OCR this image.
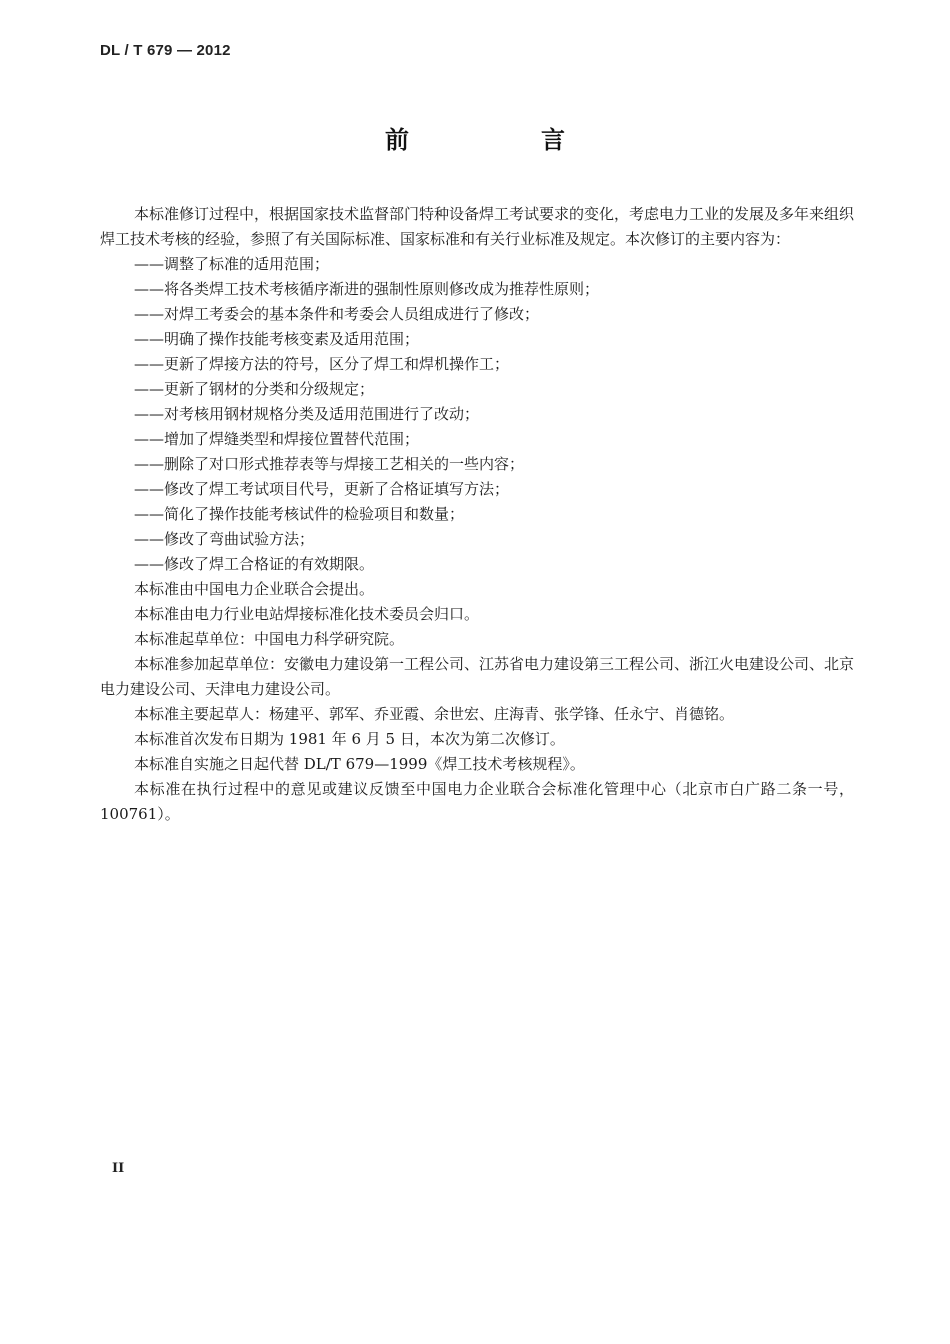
DL / T 679 — 2012
前　言

本标准修订过程中，根据国家技术监督部门特种设备焊工考试要求的变化，考虑电力工业的发展及多年来组织焊工技术考核的经验，参照了有关国际标准、国家标准和有关行业标准及规定。本次修订的主要内容为：

——调整了标准的适用范围；

——将各类焊工技术考核循序渐进的强制性原则修改成为推荐性原则；

——对焊工考委会的基本条件和考委会人员组成进行了修改；

——明确了操作技能考核变素及适用范围；

——更新了焊接方法的符号，区分了焊工和焊机操作工；

——更新了钢材的分类和分级规定；

——对考核用钢材规格分类及适用范围进行了改动；

——增加了焊缝类型和焊接位置替代范围；

——删除了对口形式推荐表等与焊接工艺相关的一些内容；

——修改了焊工考试项目代号，更新了合格证填写方法；

——简化了操作技能考核试件的检验项目和数量；

——修改了弯曲试验方法；

——修改了焊工合格证的有效期限。

本标准由中国电力企业联合会提出。

本标准由电力行业电站焊接标准化技术委员会归口。

本标准起草单位：中国电力科学研究院。

本标准参加起草单位：安徽电力建设第一工程公司、江苏省电力建设第三工程公司、浙江火电建设公司、北京电力建设公司、天津电力建设公司。

本标准主要起草人：杨建平、郭军、乔亚霞、余世宏、庄海青、张学锋、任永宁、肖德铭。

本标准首次发布日期为 1981 年 6 月 5 日，本次为第二次修订。

本标准自实施之日起代替 DL/T 679—1999《焊工技术考核规程》。

本标准在执行过程中的意见或建议反馈至中国电力企业联合会标准化管理中心（北京市白广路二条一号，100761）。

II
